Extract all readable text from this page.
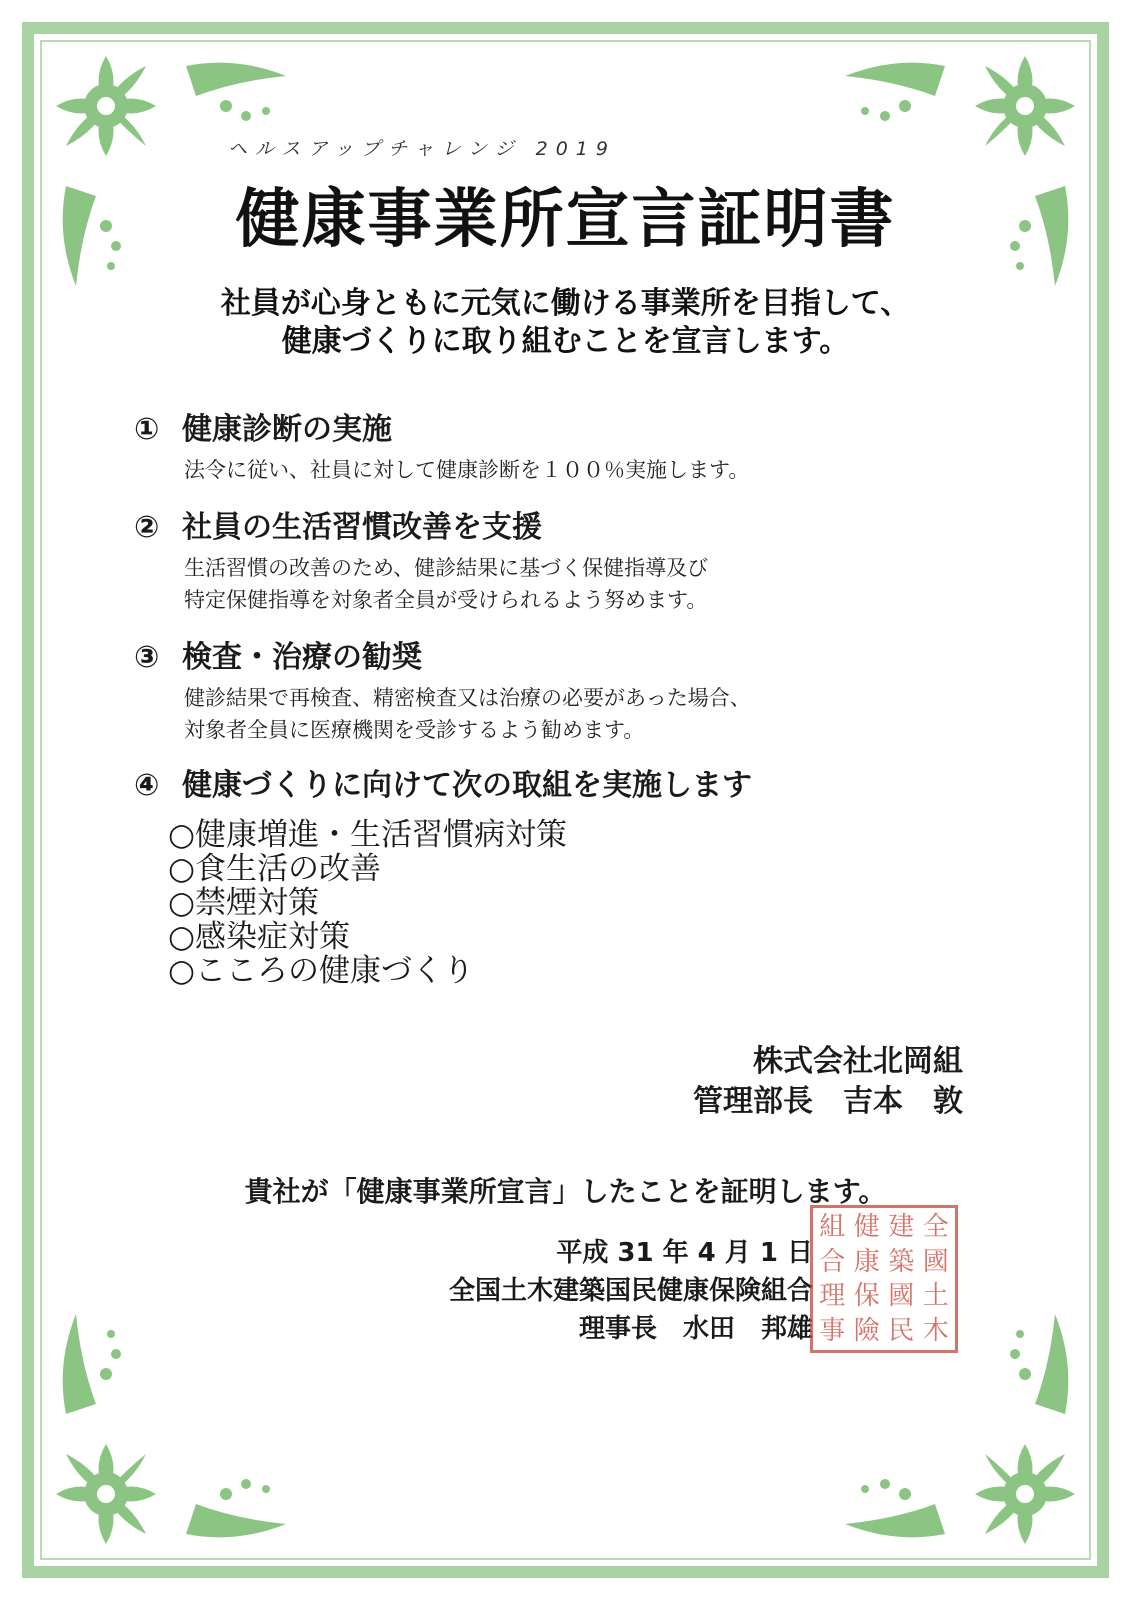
ヘルスアップチャレンジ 2019
健康事業所宣言証明書
社員が心身ともに元気に働ける事業所を目指して、
健康づくりに取り組むことを宣言します。
① 健康診断の実施
法令に従い、社員に対して健康診断を１００％実施します。
② 社員の生活習慣改善を支援
生活習慣の改善のため、健診結果に基づく保健指導及び
特定保健指導を対象者全員が受けられるよう努めます。
③ 検査・治療の勧奨
健診結果で再検査、精密検査又は治療の必要があった場合、
対象者全員に医療機関を受診するよう勧めます。
④ 健康づくりに向けて次の取組を実施します
○健康増進・生活習慣病対策
○食生活の改善
○禁煙対策
○感染症対策
○こころの健康づくり
株式会社北岡組
管理部長　吉本　敦
貴社が「健康事業所宣言」したことを証明します。
平成 31 年 4 月 1 日
全国土木建築国民健康保険組合
理事長　水田　邦雄
全
國
土
木
建
築
國
民
健
康
保
險
組
合
理
事
